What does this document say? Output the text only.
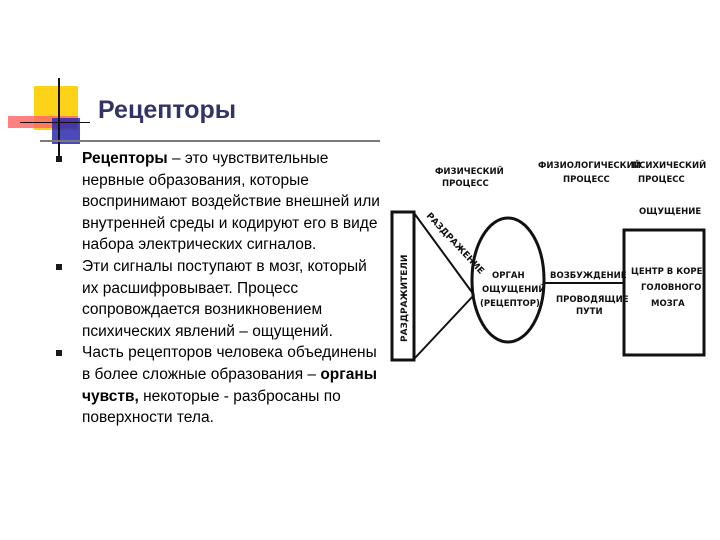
Рецепторы
Рецепторы – это чувствительные нервные образования, которые воспринимают воздействие внешней или внутренней среды и кодируют его в виде набора электрических сигналов.
Эти сигналы поступают в мозг, который их расшифровывает. Процесс сопровождается возникновением психических явлений – ощущений.
Часть рецепторов человека объединены в более сложные образования – органы чувств, некоторые - разбросаны по поверхности тела.
ФИЗИЧЕСКИЙ
ПРОЦЕСС
ФИЗИОЛОГИЧЕСКИЙ
ПРОЦЕСС
ПСИХИЧЕСКИЙ
ПРОЦЕСС
ОЩУЩЕНИЕ
РАЗДРАЖИТЕЛИ
РАЗДРАЖЕНИЕ ОРГАН
ОЩУЩЕНИЙ
(РЕЦЕПТОР)
ВОЗБУЖДЕНИЕ
ПРОВОДЯЩИЕ
ПУТИ
ЦЕНТР В КОРЕ
ГОЛОВНОГО
МОЗГА
